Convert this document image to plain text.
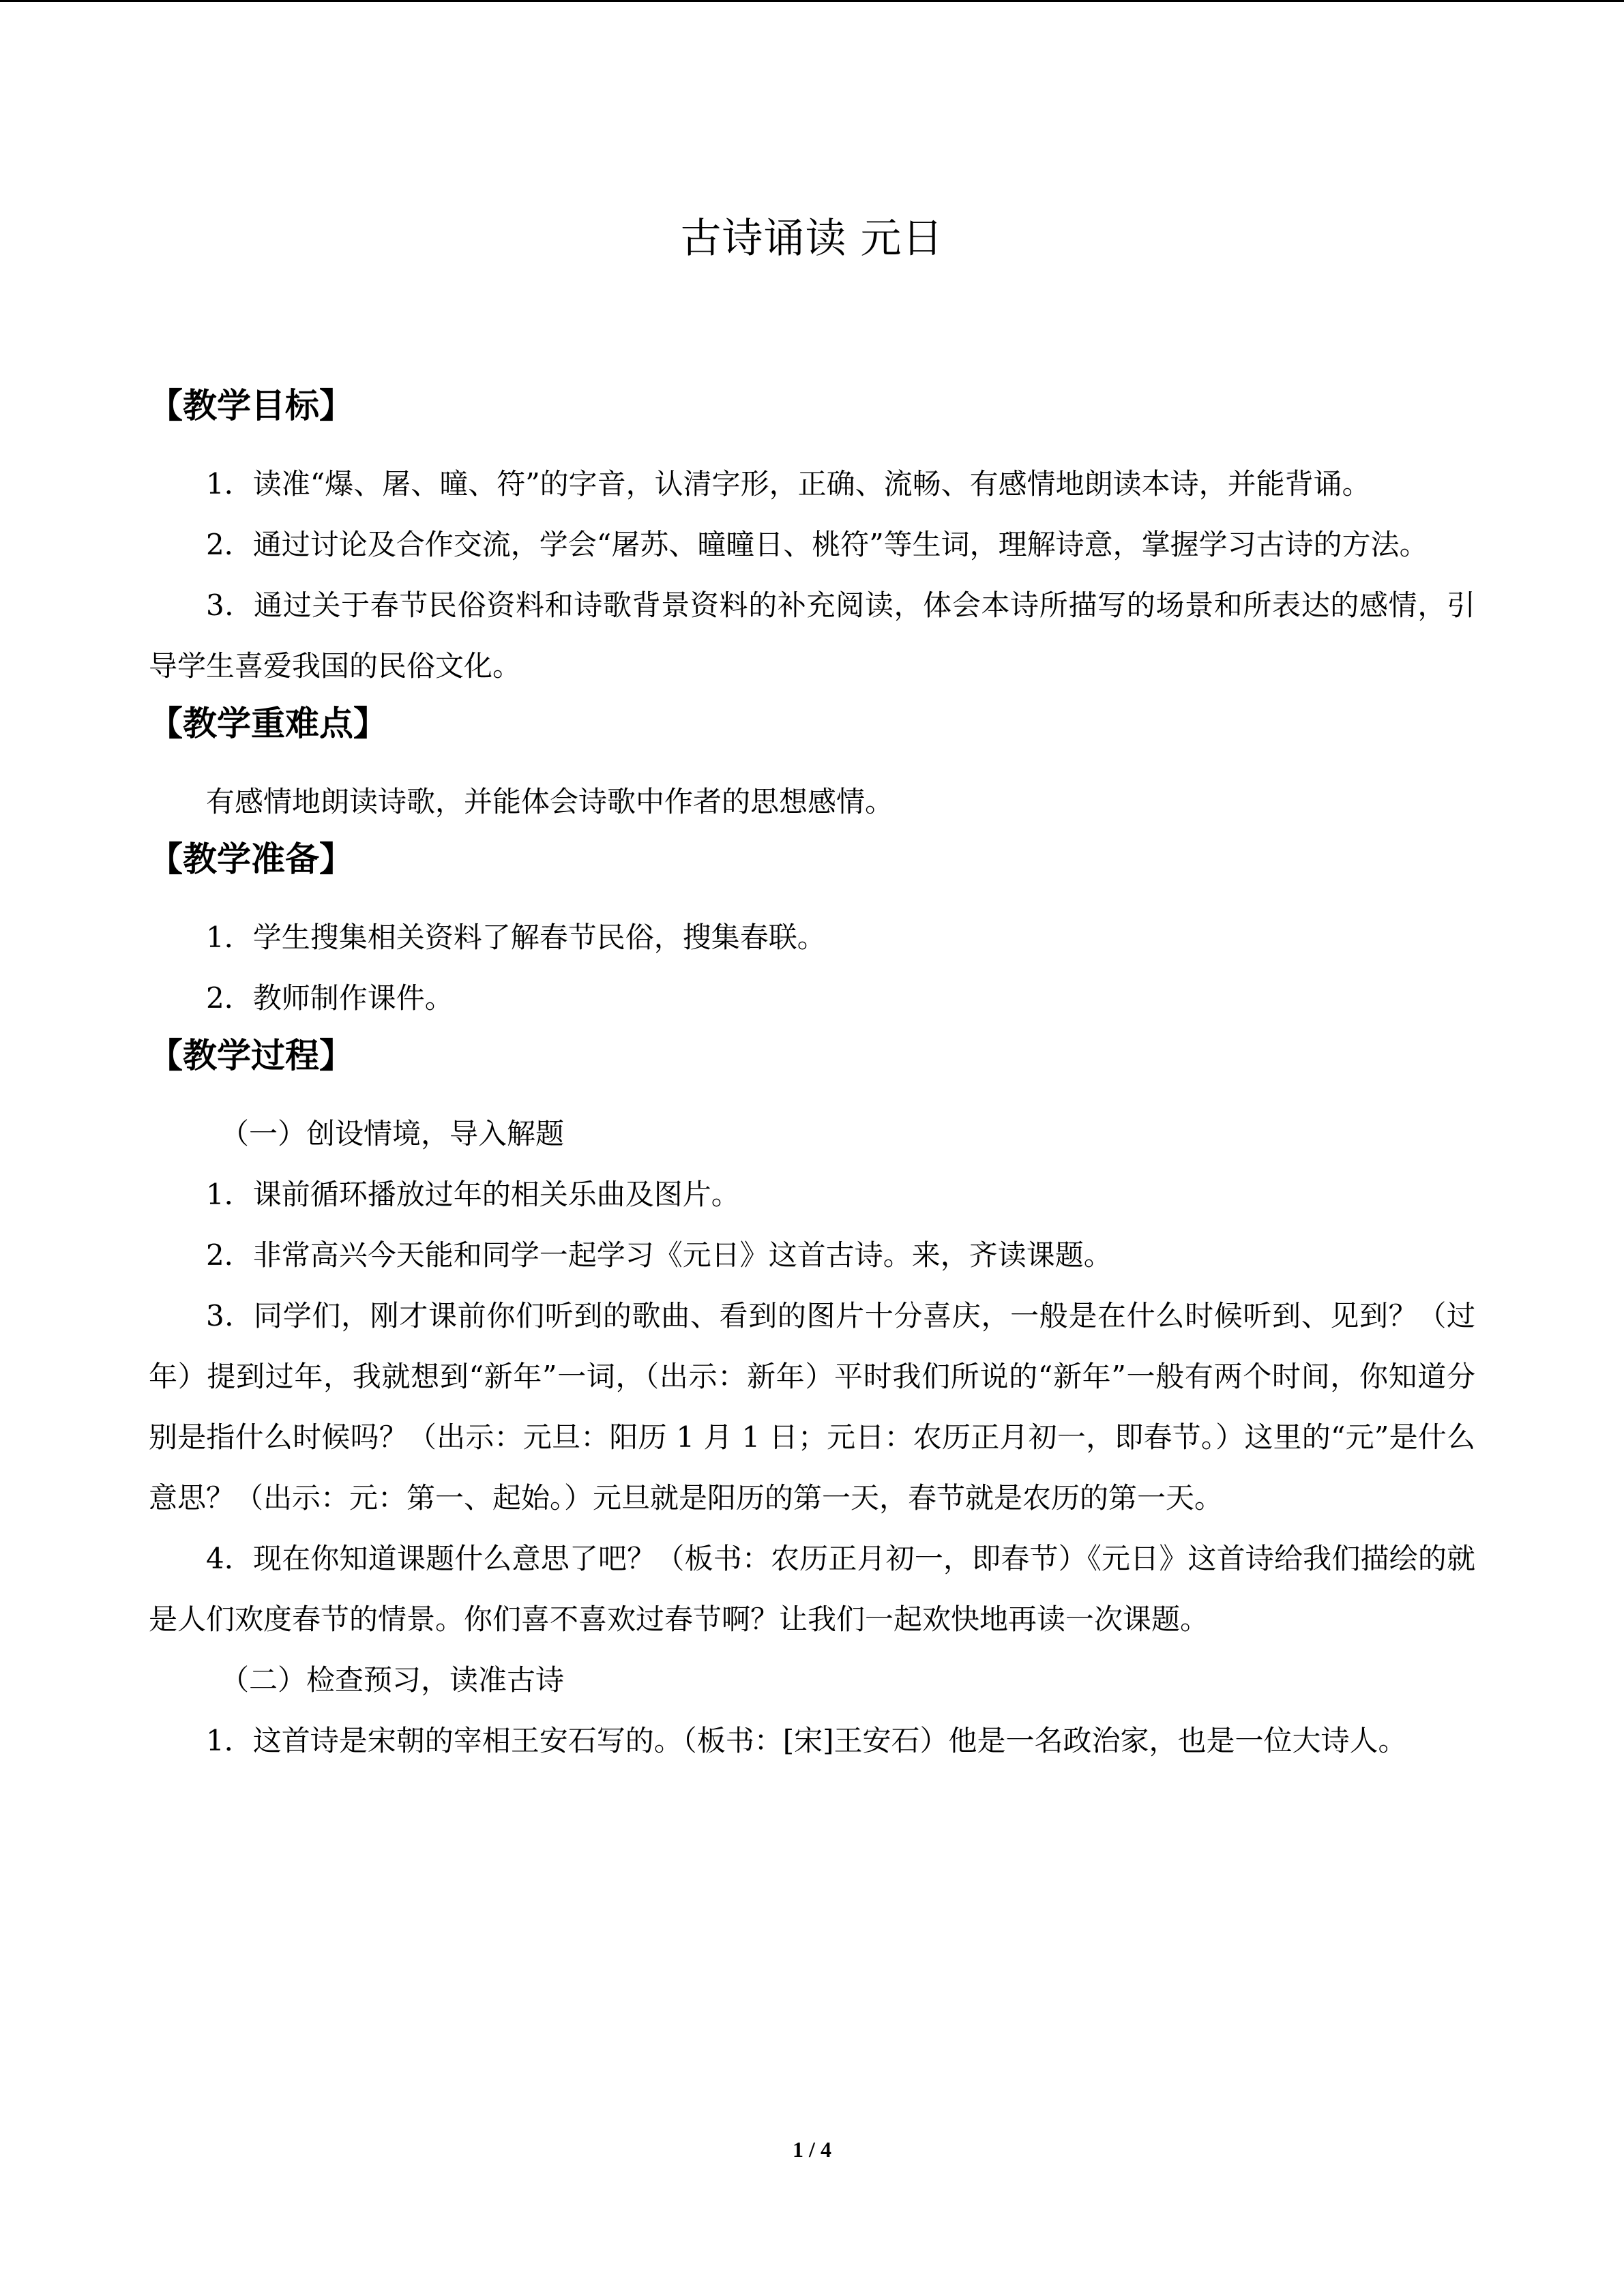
古诗诵读 元日
【教学目标】

1．读准“爆、屠、曈、符”的字音，认清字形，正确、流畅、有感情地朗读本诗，并能背诵。

2．通过讨论及合作交流，学会“屠苏、曈曈日、桃符”等生词，理解诗意，掌握学习古诗的方法。

3．通过关于春节民俗资料和诗歌背景资料的补充阅读，体会本诗所描写的场景和所表达的感情，引导学生喜爱我国的民俗文化。

【教学重难点】

有感情地朗读诗歌，并能体会诗歌中作者的思想感情。

【教学准备】

1．学生搜集相关资料了解春节民俗，搜集春联。

2．教师制作课件。

【教学过程】

（一）创设情境，导入解题

1．课前循环播放过年的相关乐曲及图片。

2．非常高兴今天能和同学一起学习《元日》这首古诗。来，齐读课题。

3．同学们，刚才课前你们听到的歌曲、看到的图片十分喜庆，一般是在什么时候听到、见到？（过年）提到过年，我就想到“新年”一词，（出示：新年）平时我们所说的“新年”一般有两个时间，你知道分别是指什么时候吗？（出示：元旦：阳历 1 月 1 日；元日：农历正月初一，即春节。）这里的“元”是什么意思？（出示：元：第一、起始。）元旦就是阳历的第一天，春节就是农历的第一天。

4．现在你知道课题什么意思了吧？（板书：农历正月初一，即春节）《元日》这首诗给我们描绘的就是人们欢度春节的情景。你们喜不喜欢过春节啊？让我们一起欢快地再读一次课题。

（二）检查预习，读准古诗

1．这首诗是宋朝的宰相王安石写的。（板书：[宋]王安石）他是一名政治家，也是一位大诗人。

1 / 4
